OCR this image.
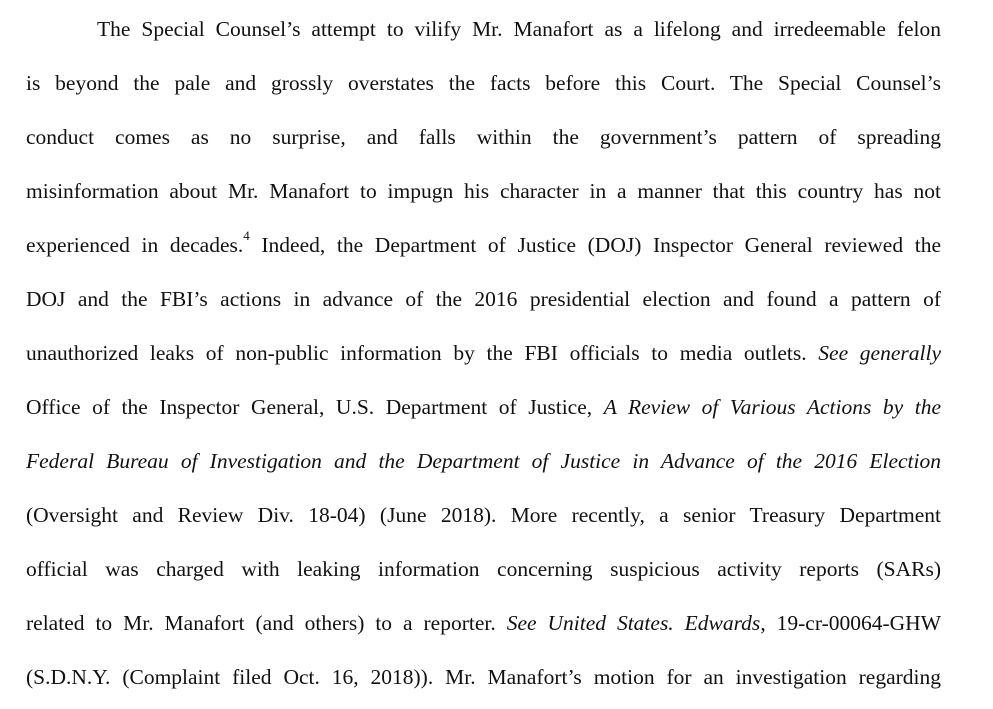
The Special Counsel’s attempt to vilify Mr. Manafort as a lifelong and irredeemable felon
is beyond the pale and grossly overstates the facts before this Court. The Special Counsel’s
conduct comes as no surprise, and falls within the government’s pattern of spreading
misinformation about Mr. Manafort to impugn his character in a manner that this country has not
experienced in decades.$^4$ Indeed, the Department of Justice (DOJ) Inspector General reviewed the
DOJ and the FBI’s actions in advance of the 2016 presidential election and found a pattern of
unauthorized leaks of non-public information by the FBI officials to media outlets. See generally
Office of the Inspector General, U.S. Department of Justice, A Review of Various Actions by the
Federal Bureau of Investigation and the Department of Justice in Advance of the 2016 Election
(Oversight and Review Div. 18-04) (June 2018). More recently, a senior Treasury Department
official was charged with leaking information concerning suspicious activity reports (SARs)
related to Mr. Manafort (and others) to a reporter. See United States. Edwards, 19-cr-00064-GHW
(S.D.N.Y. (Complaint filed Oct. 16, 2018)). Mr. Manafort’s motion for an investigation regarding
